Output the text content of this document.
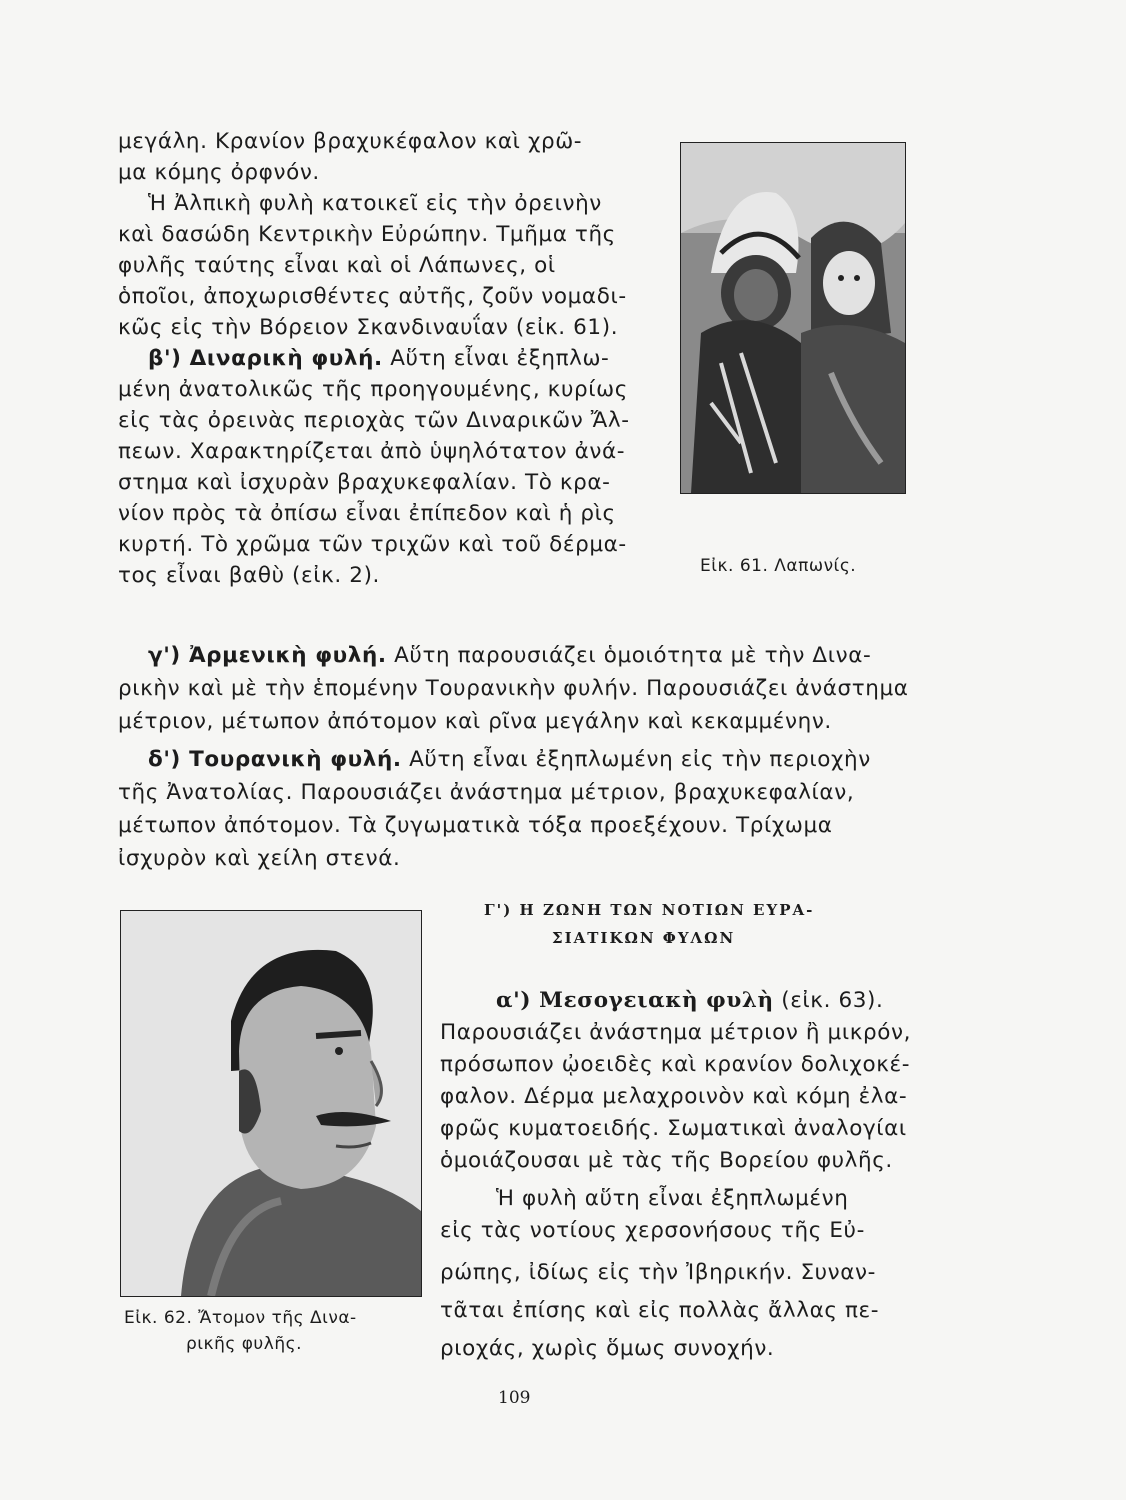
μεγάλη. Κρανίον βραχυκέφαλον καὶ χρῶ-
μα κόμης ὀρφνόν.
Ἡ Ἀλπικὴ φυλὴ κατοικεῖ εἰς τὴν ὀρεινὴν
καὶ δασώδη Κεντρικὴν Εὐρώπην. Τμῆμα τῆς
φυλῆς ταύτης εἶναι καὶ οἱ Λάπωνες, οἱ
ὁποῖοι, ἀποχωρισθέντες αὐτῆς, ζοῦν νομαδι-
κῶς εἰς τὴν Βόρειον Σκανδιναυΐαν (εἰκ. 61).
β') Διναρικὴ φυλή. Αὕτη εἶναι ἐξηπλω-
μένη ἀνατολικῶς τῆς προηγουμένης, κυρίως
εἰς τὰς ὀρεινὰς περιοχὰς τῶν Διναρικῶν Ἄλ-
πεων. Χαρακτηρίζεται ἀπὸ ὑψηλότατον ἀνά-
στημα καὶ ἰσχυρὰν βραχυκεφαλίαν. Τὸ κρα-
νίον πρὸς τὰ ὀπίσω εἶναι ἐπίπεδον καὶ ἡ ρὶς
κυρτή. Τὸ χρῶμα τῶν τριχῶν καὶ τοῦ δέρμα-
τος εἶναι βαθὺ (εἰκ. 2).	Εἰκ. 61. Λαπωνίς.
γ') Ἀρμενικὴ φυλή. Αὕτη παρουσιάζει ὁμοιότητα μὲ τὴν Δινα-
ρικὴν καὶ μὲ τὴν ἑπομένην Τουρανικὴν φυλήν. Παρουσιάζει ἀνάστημα
μέτριον, μέτωπον ἀπότομον καὶ ρῖνα μεγάλην καὶ κεκαμμένην.
δ') Τουρανικὴ φυλή. Αὕτη εἶναι ἐξηπλωμένη εἰς τὴν περιοχὴν
τῆς Ἀνατολίας. Παρουσιάζει ἀνάστημα μέτριον, βραχυκεφαλίαν,
μέτωπον ἀπότομον. Τὰ ζυγωματικὰ τόξα προεξέχουν. Τρίχωμα
ἰσχυρὸν καὶ χείλη στενά.
Εἰκ. 62. Ἄτομον τῆς Δινα-
ρικῆς φυλῆς.
Γ') Η ΖΩΝΗ ΤΩΝ ΝΟΤΙΩΝ ΕΥΡΑ-
ΣΙΑΤΙΚΩΝ ΦΥΛΩΝ
α') Μεσογειακὴ φυλὴ (εἰκ. 63).
Παρουσιάζει ἀνάστημα μέτριον ἢ μικρόν,
πρόσωπον ᾠοειδὲς καὶ κρανίον δολιχοκέ-
φαλον. Δέρμα μελαχροινὸν καὶ κόμη ἐλα-
φρῶς κυματοειδής. Σωματικαὶ ἀναλογίαι
ὁμοιάζουσαι μὲ τὰς τῆς Βορείου φυλῆς.
Ἡ φυλὴ αὕτη εἶναι ἐξηπλωμένη
εἰς τὰς νοτίους χερσονήσους τῆς Εὐ-
ρώπης, ἰδίως εἰς τὴν Ἰβηρικήν. Συναν-
τᾶται ἐπίσης καὶ εἰς πολλὰς ἄλλας πε-
ριοχάς, χωρὶς ὅμως συνοχήν.
109
